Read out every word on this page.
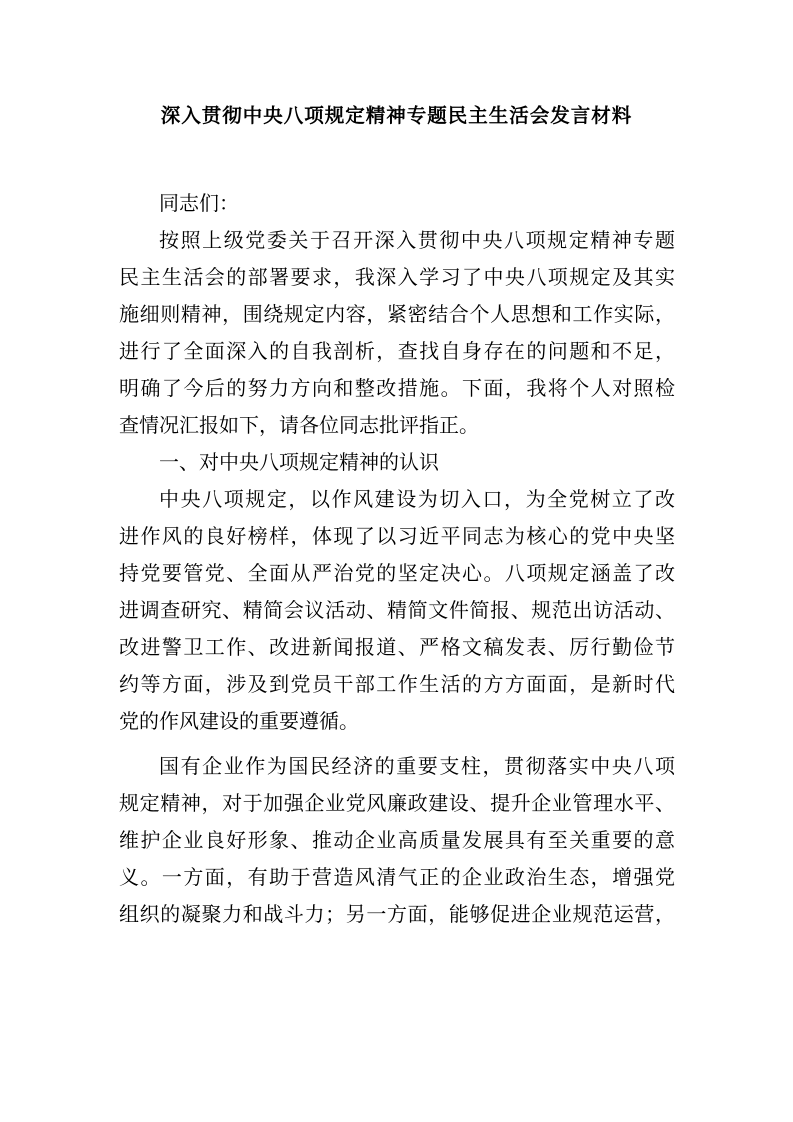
深入贯彻中央八项规定精神专题民主生活会发言材料
同志们：
按照上级党委关于召开深入贯彻中央八项规定精神专题
民主生活会的部署要求，我深入学习了中央八项规定及其实
施细则精神，围绕规定内容，紧密结合个人思想和工作实际，
进行了全面深入的自我剖析，查找自身存在的问题和不足，
明确了今后的努力方向和整改措施。下面，我将个人对照检
查情况汇报如下，请各位同志批评指正。
一、对中央八项规定精神的认识
中央八项规定，以作风建设为切入口，为全党树立了改
进作风的良好榜样，体现了以习近平同志为核心的党中央坚
持党要管党、全面从严治党的坚定决心。八项规定涵盖了改
进调查研究、精简会议活动、精简文件简报、规范出访活动、
改进警卫工作、改进新闻报道、严格文稿发表、厉行勤俭节
约等方面，涉及到党员干部工作生活的方方面面，是新时代
党的作风建设的重要遵循。
国有企业作为国民经济的重要支柱，贯彻落实中央八项
规定精神，对于加强企业党风廉政建设、提升企业管理水平、
维护企业良好形象、推动企业高质量发展具有至关重要的意
义。一方面，有助于营造风清气正的企业政治生态，增强党
组织的凝聚力和战斗力；另一方面，能够促进企业规范运营，
